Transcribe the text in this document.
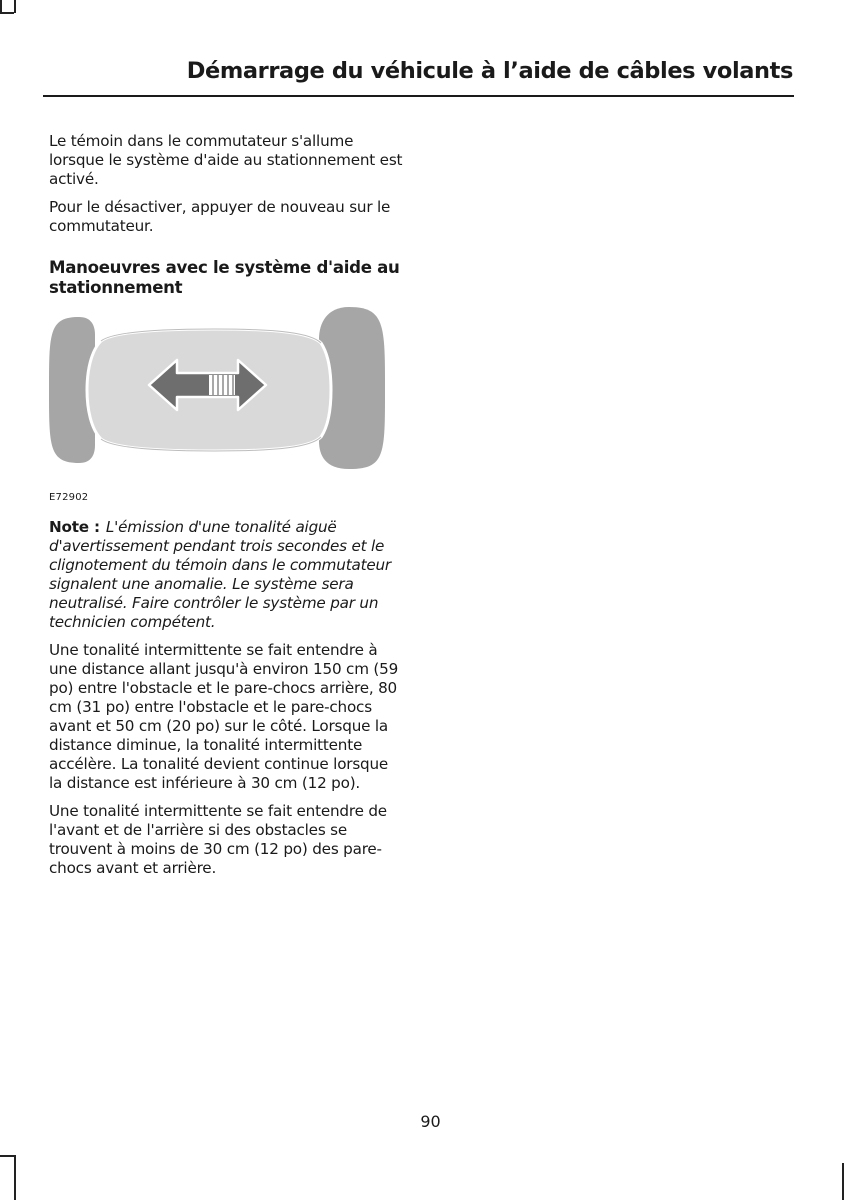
Démarrage du véhicule à l’aide de câbles volants

Le témoin dans le commutateur s'allume lorsque le système d'aide au stationnement est activé.

Pour le désactiver, appuyer de nouveau sur le commutateur.

Manoeuvres avec le système d'aide au stationnement
E72902

Note : L'émission d'une tonalité aiguë d'avertissement pendant trois secondes et le clignotement du témoin dans le commutateur signalent une anomalie. Le système sera neutralisé. Faire contrôler le système par un technicien compétent.

Une tonalité intermittente se fait entendre à une distance allant jusqu'à environ 150 cm (59 po) entre l'obstacle et le pare-chocs arrière, 80 cm (31 po) entre l'obstacle et le pare-chocs avant et 50 cm (20 po) sur le côté. Lorsque la distance diminue, la tonalité intermittente accélère. La tonalité devient continue lorsque la distance est inférieure à 30 cm (12 po).

Une tonalité intermittente se fait entendre de l'avant et de l'arrière si des obstacles se trouvent à moins de 30 cm (12 po) des pare-chocs avant et arrière.

90
